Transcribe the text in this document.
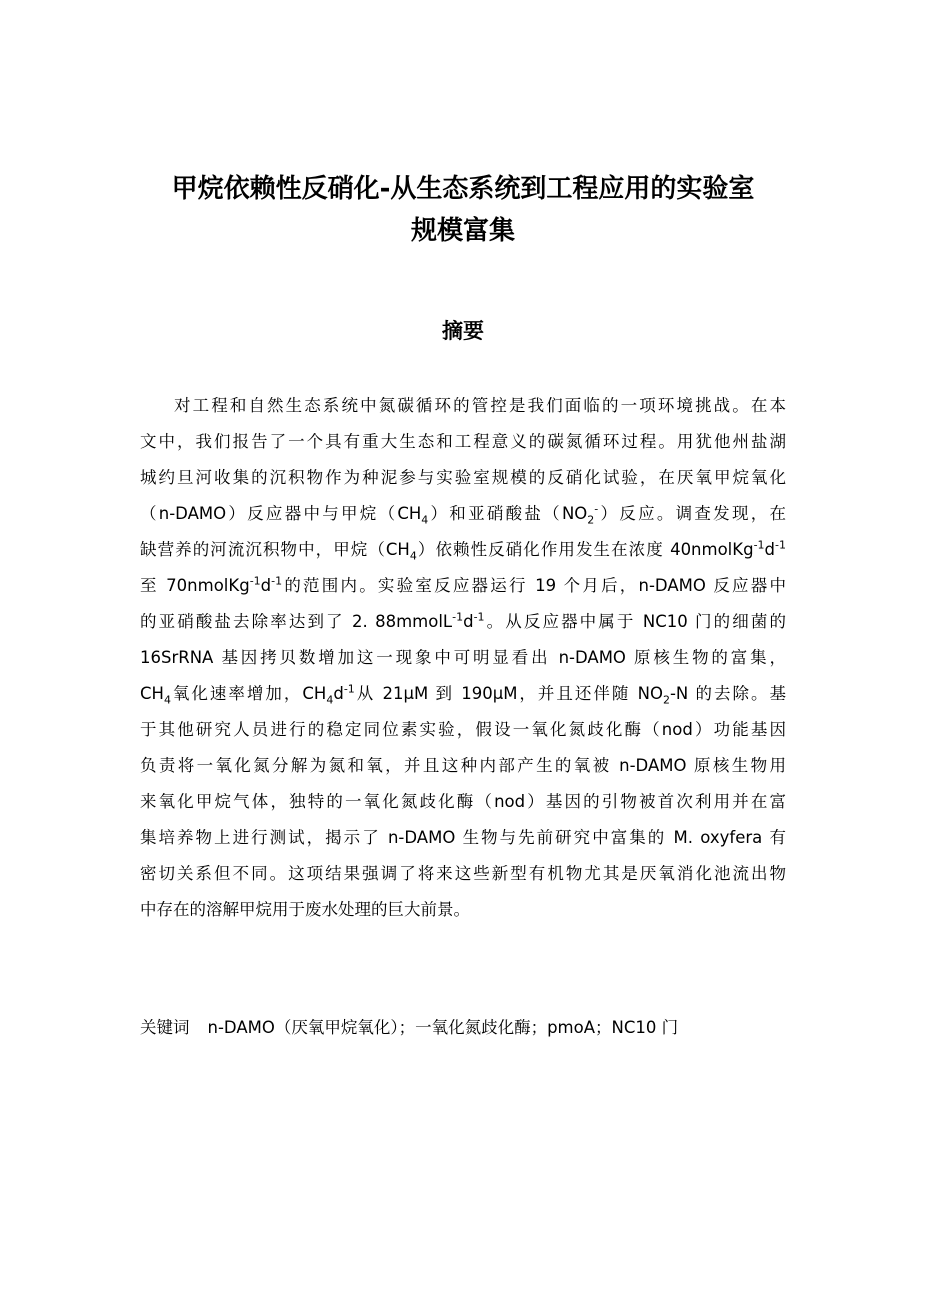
甲烷依赖性反硝化-从生态系统到工程应用的实验室
规模富集
摘要
对工程和自然生态系统中氮碳循环的管控是我们面临的一项环境挑战。在本
文中，我们报告了一个具有重大生态和工程意义的碳氮循环过程。用犹他州盐湖
城约旦河收集的沉积物作为种泥参与实验室规模的反硝化试验，在厌氧甲烷氧化
（n-DAMO）反应器中与甲烷$(CH_4)$和亚硝酸盐$(NO_2^-)$反应。调查发现，在
缺营养的河流沉积物中，甲烷$(CH_4)$依赖性反硝化作用发生在浓度 $40nmolKg^{-1}d^{-1}$
至 $70nmolKg^{-1}d^{-1}$的范围内。实验室反应器运行 19 个月后，n-DAMO 反应器中
的亚硝酸盐去除率达到了 2. $88mmolL^{-1}d^{-1}$。从反应器中属于 NC10 门的细菌的
16SrRNA 基因拷贝数增加这一现象中可明显看出 n-DAMO 原核生物的富集，
$CH_4$氧化速率增加，$CH_4d^{-1}$从 21μM 到 190μM，并且还伴随 $NO_2-N$ 的去除。基
于其他研究人员进行的稳定同位素实验，假设一氧化氮歧化酶（nod）功能基因
负责将一氧化氮分解为氮和氧，并且这种内部产生的氧被 n-DAMO 原核生物用
来氧化甲烷气体，独特的一氧化氮歧化酶（nod）基因的引物被首次利用并在富
集培养物上进行测试，揭示了 n-DAMO 生物与先前研究中富集的 M. oxyfera 有
密切关系但不同。这项结果强调了将来这些新型有机物尤其是厌氧消化池流出物
中存在的溶解甲烷用于废水处理的巨大前景。

关键词 n-DAMO（厌氧甲烷氧化）；一氧化氮歧化酶；pmoA；NC10 门
